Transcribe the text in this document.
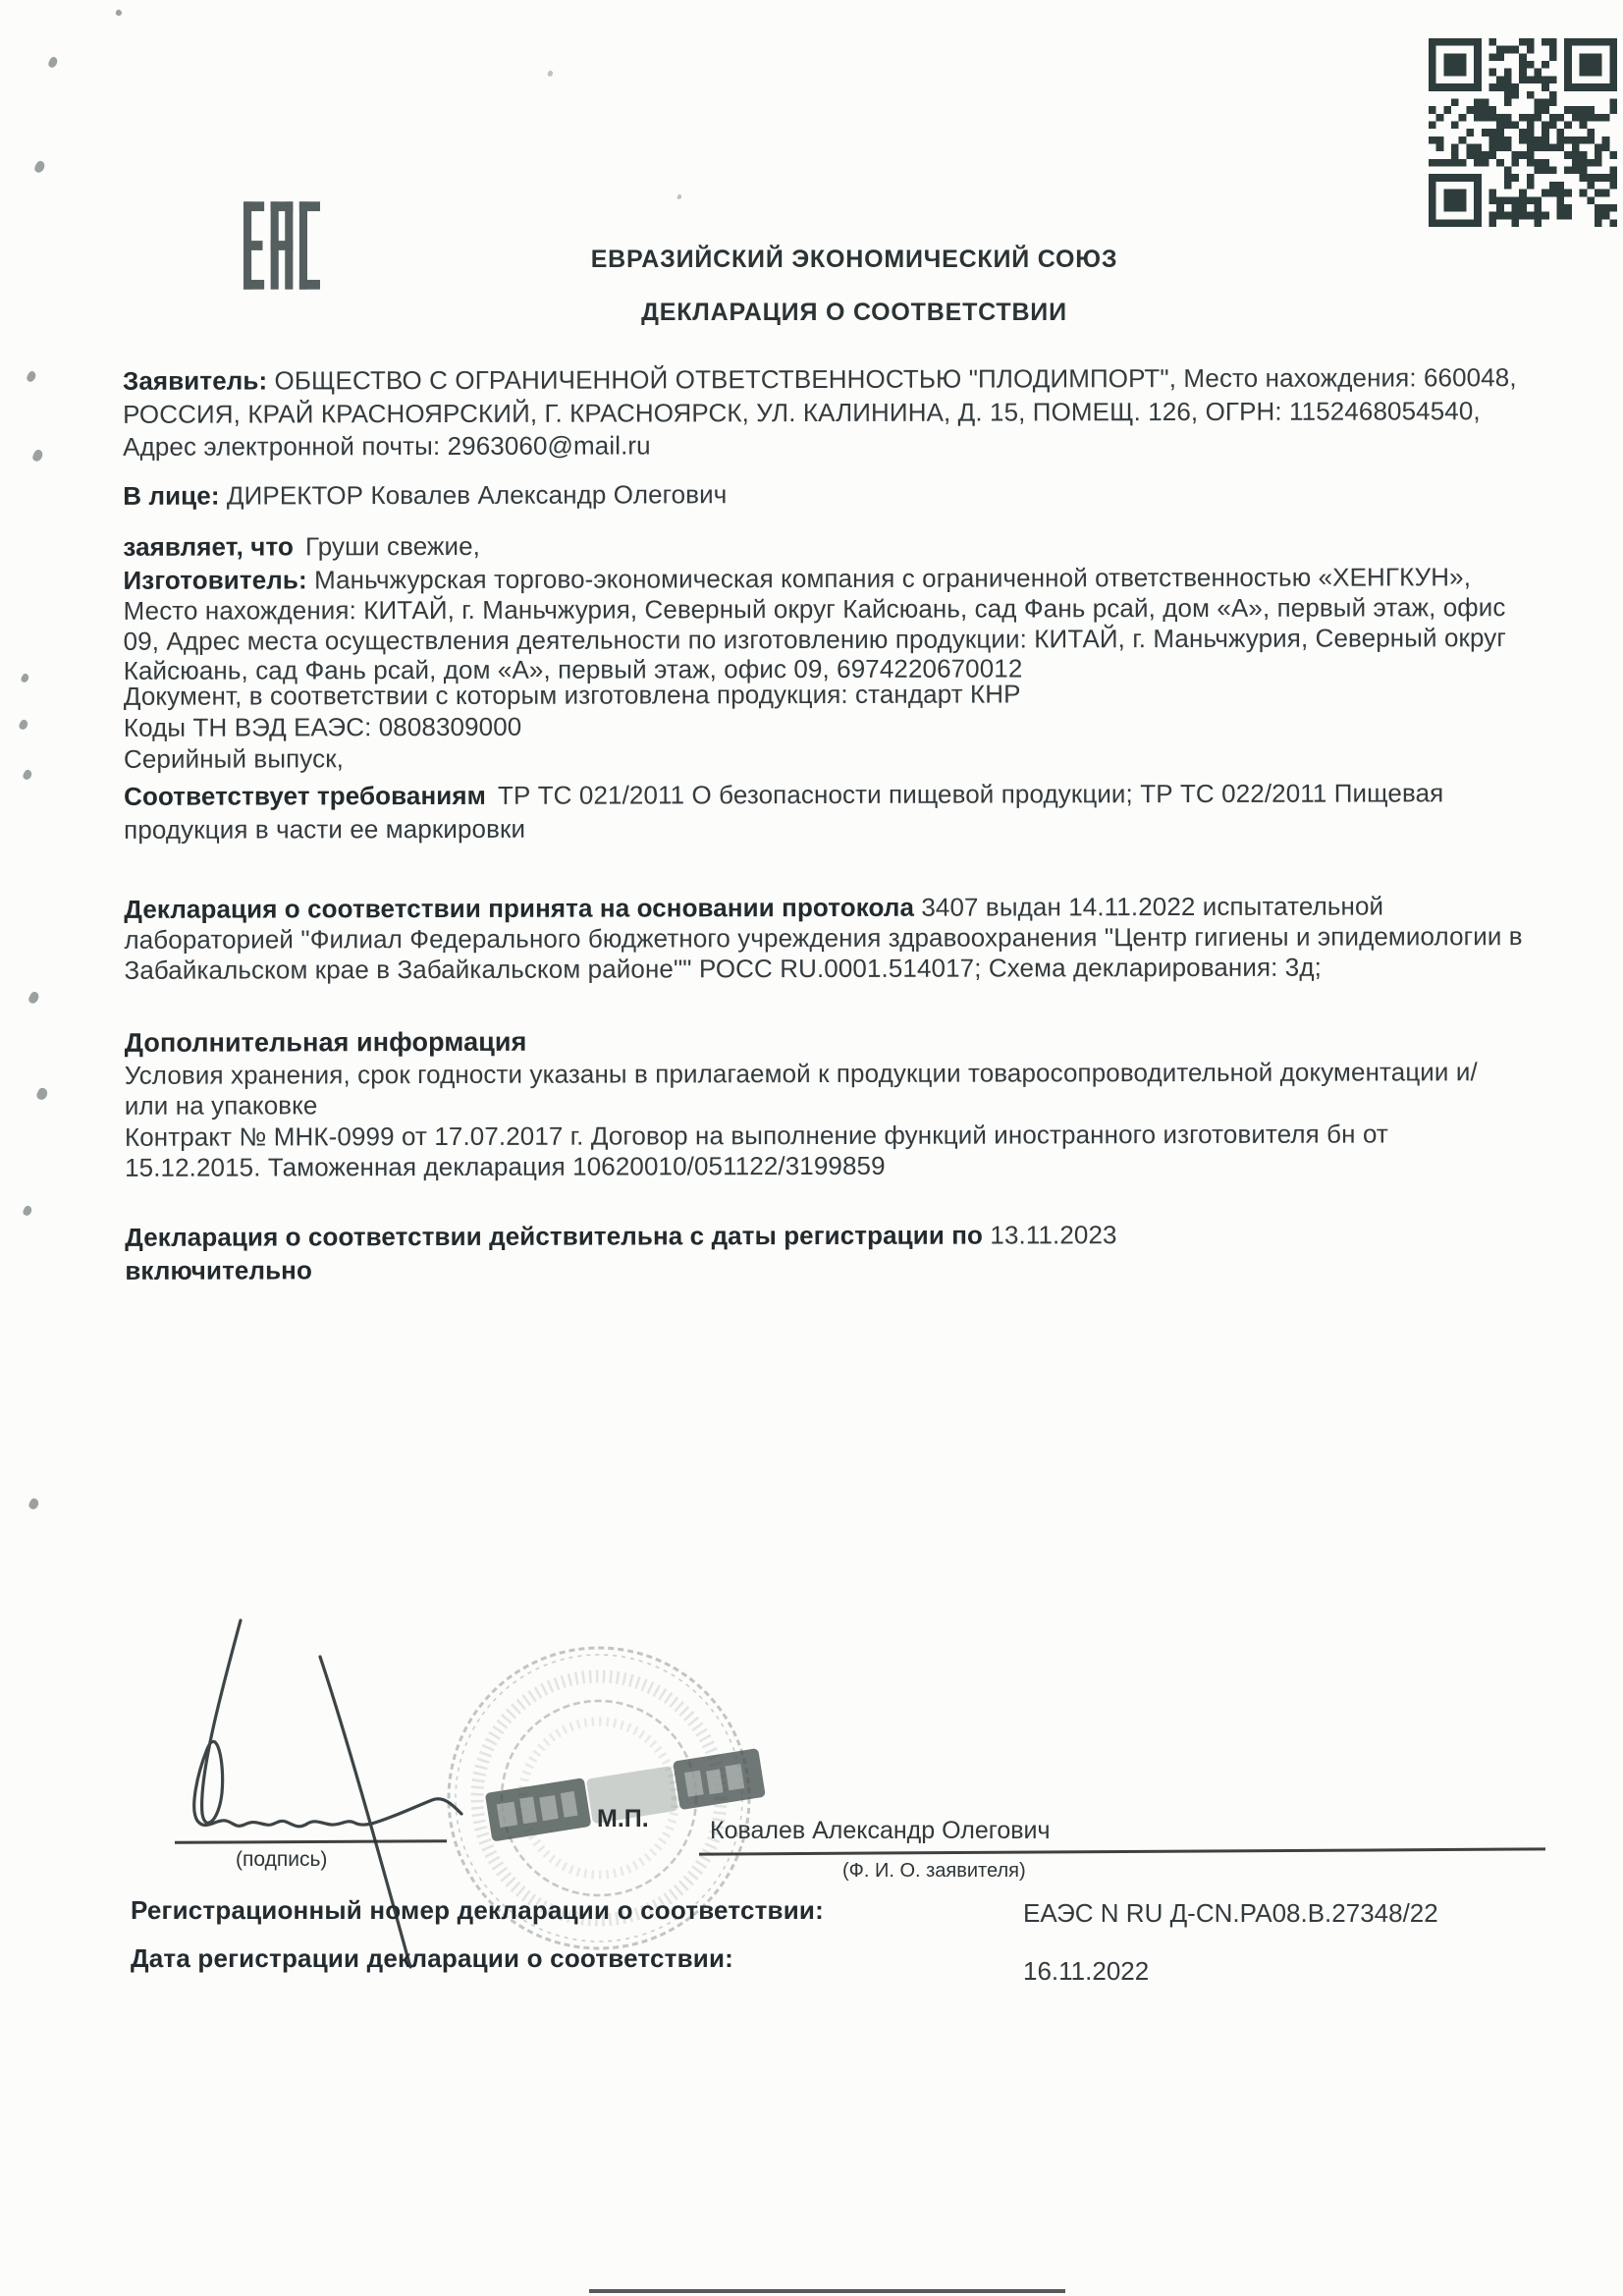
ЕВРАЗИЙСКИЙ ЭКОНОМИЧЕСКИЙ СОЮЗ
ДЕКЛАРАЦИЯ О СООТВЕТСТВИИ

Заявитель: ОБЩЕСТВО С ОГРАНИЧЕННОЙ ОТВЕТСТВЕННОСТЬЮ "ПЛОДИМПОРТ", Место нахождения: 660048, РОССИЯ, КРАЙ КРАСНОЯРСКИЙ, Г. КРАСНОЯРСК, УЛ. КАЛИНИНА, Д. 15, ПОМЕЩ. 126, ОГРН: 1152468054540, Адрес электронной почты: 2963060@mail.ru

В лице: ДИРЕКТОР Ковалев Александр Олегович

заявляет, что Груши свежие,

Изготовитель: Маньчжурская торгово-экономическая компания с ограниченной ответственностью «ХЕНГКУН», Место нахождения: КИТАЙ, г. Маньчжурия, Северный округ Кайсюань, сад Фань рсай, дом «А», первый этаж, офис 09, Адрес места осуществления деятельности по изготовлению продукции: КИТАЙ, г. Маньчжурия, Северный округ Кайсюань, сад Фань рсай, дом «А», первый этаж, офис 09, 6974220670012

Документ, в соответствии с которым изготовлена продукция: стандарт КНР

Коды ТН ВЭД ЕАЭС: 0808309000

Серийный выпуск,

Соответствует требованиям ТР ТС 021/2011 О безопасности пищевой продукции; ТР ТС 022/2011 Пищевая продукция в части ее маркировки

Декларация о соответствии принята на основании протокола 3407 выдан 14.11.2022 испытательной лабораторией "Филиал Федерального бюджетного учреждения здравоохранения "Центр гигиены и эпидемиологии в Забайкальском крае в Забайкальском районе"" РОСС RU.0001.514017; Схема декларирования: 3д;

Дополнительная информация

Условия хранения, срок годности указаны в прилагаемой к продукции товаросопроводительной документации и/ или на упаковке

Контракт № МНК-0999 от 17.07.2017 г. Договор на выполнение функций иностранного изготовителя бн от 15.12.2015. Таможенная декларация 10620010/051122/3199859

Декларация о соответствии действительна с даты регистрации по 13.11.2023
включительно

М.П.
(подпись)
Ковалев Александр Олегович
(Ф. И. О. заявителя)
Регистрационный номер декларации о соответствии:	ЕАЭС N RU Д-CN.РА08.В.27348/22
Дата регистрации декларации о соответствии:	16.11.2022
